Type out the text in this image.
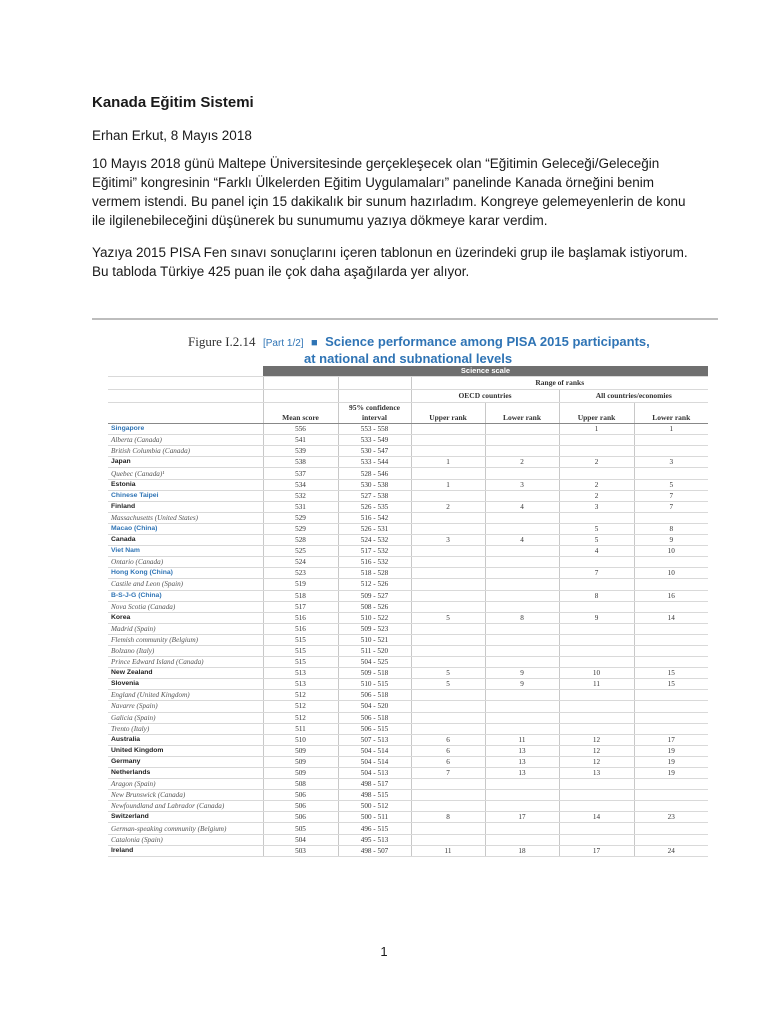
Kanada Eğitim Sistemi

Erhan Erkut, 8 Mayıs 2018

10 Mayıs 2018 günü Maltepe Üniversitesinde gerçekleşecek olan “Eğitimin Geleceği/Geleceğin Eğitimi” kongresinin “Farklı Ülkelerden Eğitim Uygulamaları” panelinde Kanada örneğini benim vermem istendi. Bu panel için 15 dakikalık bir sunum hazırladım. Kongreye gelemeyenlerin de konu ile ilgilenebileceğini düşünerek bu sunumumu yazıya dökmeye karar verdim.

Yazıya 2015 PISA Fen sınavı sonuçlarını içeren tablonun en üzerindeki grup ile başlamak istiyorum. Bu tabloda Türkiye 425 puan ile çok daha aşağılarda yer alıyor.

Figure I.2.14 [Part 1/2] ■ Science performance among PISA 2015 participants,
at national and subnational levels
	Science scale					
			Range of ranks			
			OECD countries		All countries/economies	
	Mean score	95% confidence interval	Upper rank	Lower rank	Upper rank	Lower rank
Singapore	556	553 - 558			1	1
Alberta (Canada)	541	533 - 549				
British Columbia (Canada)	539	530 - 547				
Japan	538	533 - 544	1	2	2	3
Quebec (Canada)¹	537	528 - 546				
Estonia	534	530 - 538	1	3	2	5
Chinese Taipei	532	527 - 538			2	7
Finland	531	526 - 535	2	4	3	7
Massachusetts (United States)	529	516 - 542				
Macao (China)	529	526 - 531			5	8
Canada	528	524 - 532	3	4	5	9
Viet Nam	525	517 - 532			4	10
Ontario (Canada)	524	516 - 532				
Hong Kong (China)	523	518 - 528			7	10
Castile and Leon (Spain)	519	512 - 526				
B-S-J-G (China)	518	509 - 527			8	16
Nova Scotia (Canada)	517	508 - 526				
Korea	516	510 - 522	5	8	9	14
Madrid (Spain)	516	509 - 523				
Flemish community (Belgium)	515	510 - 521				
Bolzano (Italy)	515	511 - 520				
Prince Edward Island (Canada)	515	504 - 525				
New Zealand	513	509 - 518	5	9	10	15
Slovenia	513	510 - 515	5	9	11	15
England (United Kingdom)	512	506 - 518				
Navarre (Spain)	512	504 - 520				
Galicia (Spain)	512	506 - 518				
Trento (Italy)	511	506 - 515				
Australia	510	507 - 513	6	11	12	17
United Kingdom	509	504 - 514	6	13	12	19
Germany	509	504 - 514	6	13	12	19
Netherlands	509	504 - 513	7	13	13	19
Aragon (Spain)	508	498 - 517				
New Brunswick (Canada)	506	498 - 515				
Newfoundland and Labrador (Canada)	506	500 - 512				
Switzerland	506	500 - 511	8	17	14	23
German-speaking community (Belgium)	505	496 - 515				
Catalonia (Spain)	504	495 - 513				
Ireland	503	498 - 507	11	18	17	24
1
